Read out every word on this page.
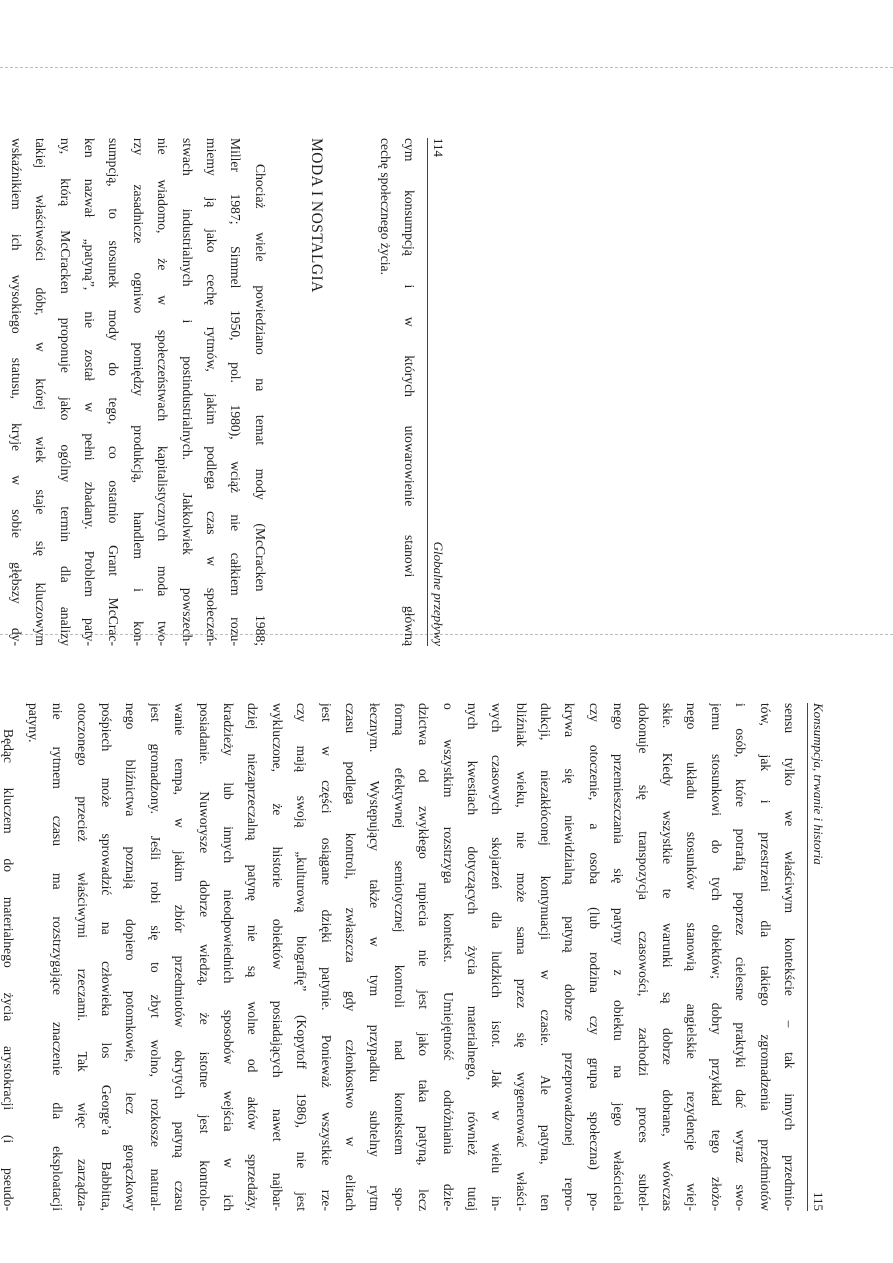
114
Globalne przepływy
cym konsumpcją i w których utowarowienie stanowi główną
cechę społecznego życia.

MODA I NOSTALGIA

Chociaż wiele powiedziano na temat mody (McCracken 1988;
Miller 1987; Simmel 1950, pol. 1980), wciąż nie całkiem rozu-
miemy ją jako cechę rytmów, jakim podlega czas w społeczeń-
stwach industrialnych i postindustrialnych. Jakkolwiek powszech-
nie wiadomo, że w społeczeństwach kapitalistycznych moda two-
rzy zasadnicze ogniwo pomiędzy produkcją, handlem i kon-
sumpcją, to stosunek mody do tego, co ostatnio Grant McCrac-
ken nazwał „patyną”, nie został w pełni zbadany. Problem paty-
ny, którą McCracken proponuje jako ogólny termin dla analizy
takiej właściwości dóbr, w której wiek staje się kluczowym
wskaźnikiem ich wysokiego statusu, kryje w sobie głębszy dy-
Konsumpcja, trwanie i historia
115
sensu tylko we właściwym kontekście – tak innych przedmio-
tów, jak i przestrzeni dla takiego zgromadzenia przedmiotów
i osób, które potrafią poprzez cielesne praktyki dać wyraz swo-
jemu stosunkowi do tych obiektów; dobry przykład tego złożo-
nego układu stosunków stanowią angielskie rezydencje wiej-
skie. Kiedy wszystkie te warunki są dobrze dobrane, wówczas
dokonuje się transpozycja czasowości, zachodzi proces subtel-
nego przemieszczania się patyny z obiektu na jego właściciela
czy otoczenie, a osoba (lub rodzina czy grupa społeczna) po-
krywa się niewidzialną patyną dobrze przeprowadzonej repro-
dukcji, niezakłóconej kontynuacji w czasie. Ale patyna, ten
bliźniak wieku, nie może sama przez się wygenerować właści-
wych czasowych skojarzeń dla ludzkich istot. Jak w wielu in-
nych kwestiach dotyczących życia materialnego, również tutaj
o wszystkim rozstrzyga kontekst. Umiejętność odróżniania dzie-
dzictwa od zwykłego rupiecia nie jest jako taka patyną, lecz
formą efektywnej semiotycznej kontroli nad kontekstem spo-
łecznym. Występujący także w tym przypadku subtelny rytm
czasu podlega kontroli, zwłaszcza gdy członkostwo w elitach
jest w części osiągane dzięki patynie. Ponieważ wszystkie rze-
czy mają swoją „kulturową biografię” (Kopytoff 1986), nie jest
wykluczone, że historie obiektów posiadających nawet najbar-
dziej niezaprzeczalną patynę nie są wolne od aktów sprzedaży,
kradzieży lub innych nieodpowiednich sposobów wejścia w ich
posiadanie. Nuworysze dobrze wiedzą, że istotne jest kontrolo-
wanie tempa, w jakim zbiór przedmiotów okrytych patyną czasu
jest gromadzony. Jeśli robi się to zbyt wolno, rozkosze natural-
nego bliźnictwa poznają dopiero potomkowie, lecz gorączkowy
pośpiech może sprowadzić na człowieka los George’a Babbitta,
otoczonego przecież właściwymi rzeczami. Tak więc zarządza-
nie rytmem czasu ma rozstrzygające znaczenie dla eksploatacji
patyny.
Będąc kluczem do materialnego życia arystokracji (i pseudo-
